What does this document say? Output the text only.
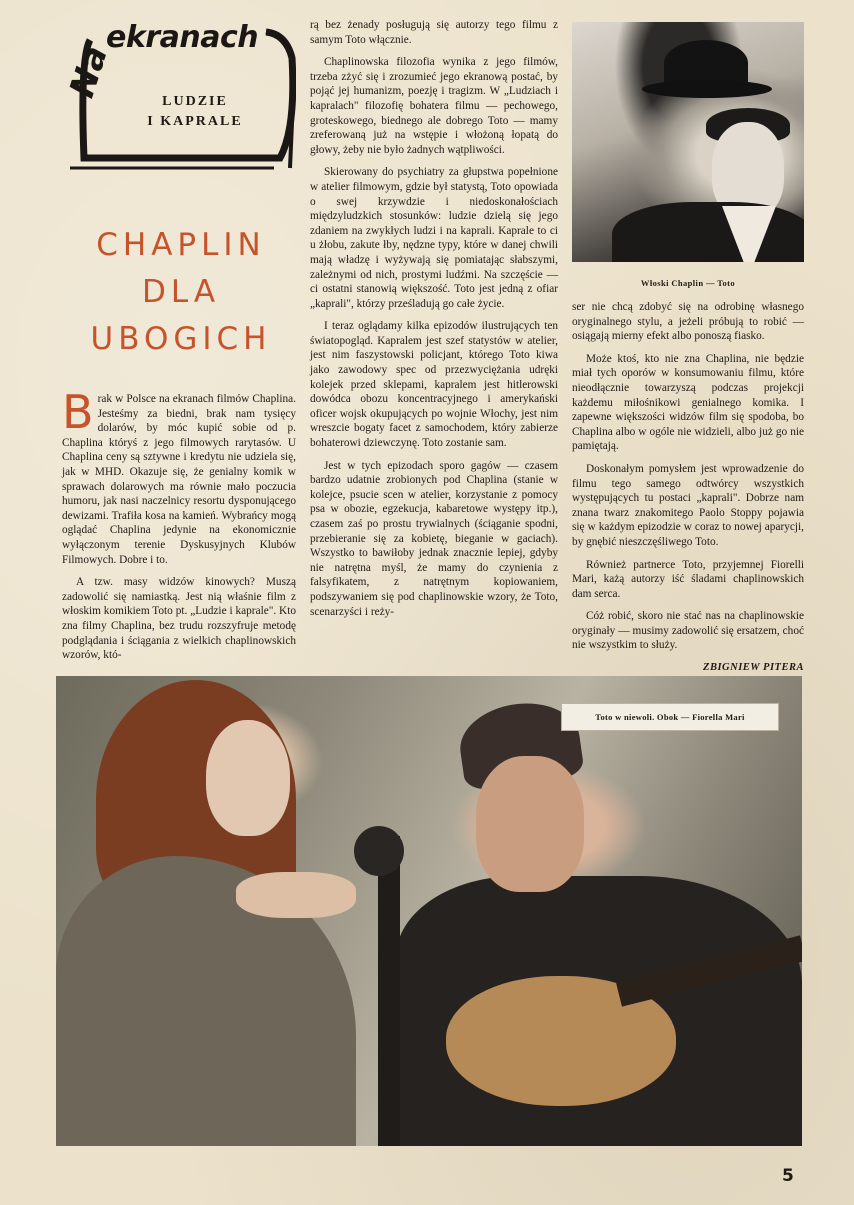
Na
ekranach
LUDZIE
I KAPRALE
CHAPLIN
DLA
UBOGICH

Brak w Polsce na ekranach filmów Chaplina. Jesteśmy za biedni, brak nam tysięcy dolarów, by móc kupić sobie od p. Chaplina któryś z jego filmowych rarytasów. U Chaplina ceny są sztywne i kredytu nie udziela się, jak w MHD. Okazuje się, że genialny komik w sprawach dolarowych ma równie mało poczucia humoru, jak nasi naczelnicy resortu dysponującego dewizami. Trafiła kosa na kamień. Wybrańcy mogą oglądać Chaplina jedynie na ekonomicznie wyłączonym terenie Dyskusyjnych Klubów Filmowych. Dobre i to.

A tzw. masy widzów kinowych? Muszą zadowolić się namiastką. Jest nią właśnie film z włoskim komikiem Toto pt. „Ludzie i kaprale". Kto zna filmy Chaplina, bez trudu rozszyfruje metodę podglądania i ściągania z wielkich chaplinowskich wzorów, któ-

rą bez żenady posługują się autorzy tego filmu z samym Toto włącznie.

Chaplinowska filozofia wynika z jego filmów, trzeba zżyć się i zrozumieć jego ekranową postać, by pojąć jej humanizm, poezję i tragizm. W „Ludziach i kapralach" filozofię bohatera filmu — pechowego, groteskowego, biednego ale dobrego Toto — mamy zreferowaną już na wstępie i włożoną łopatą do głowy, żeby nie było żadnych wątpliwości.

Skierowany do psychiatry za głupstwa popełnione w atelier filmowym, gdzie był statystą, Toto opowiada o swej krzywdzie i niedoskonałościach międzyludzkich stosunków: ludzie dzielą się jego zdaniem na zwykłych ludzi i na kaprali. Kaprale to ci u żłobu, zakute łby, nędzne typy, które w danej chwili mają władzę i wyżywają się pomiatając słabszymi, zależnymi od nich, prostymi ludźmi. Na szczęście — ci ostatni stanowią większość. Toto jest jedną z ofiar „kaprali", którzy prześladują go całe życie.

I teraz oglądamy kilka epizodów ilustrujących ten światopogląd. Kapralem jest szef statystów w atelier, jest nim faszystowski policjant, którego Toto kiwa jako zawodowy spec od przezwyciężania udręki kolejek przed sklepami, kapralem jest hitlerowski dowódca obozu koncentracyjnego i amerykański oficer wojsk okupujących po wojnie Włochy, jest nim wreszcie bogaty facet z samochodem, który zabierze bohaterowi dziewczynę. Toto zostanie sam.

Jest w tych epizodach sporo gagów — czasem bardzo udatnie zrobionych pod Chaplina (stanie w kolejce, psucie scen w atelier, korzystanie z pomocy psa w obozie, egzekucja, kabaretowe występy itp.), czasem zaś po prostu trywialnych (ściąganie spodni, przebieranie się za kobietę, bieganie w gaciach). Wszystko to bawiłoby jednak znacznie lepiej, gdyby nie natrętna myśl, że mamy do czynienia z falsyfikatem, z natrętnym kopiowaniem, podszywaniem się pod chaplinowskie wzory, że Toto, scenarzyści i reży-

Włoski Chaplin — Toto

ser nie chcą zdobyć się na odrobinę własnego oryginalnego stylu, a jeżeli próbują to robić — osiągają mierny efekt albo ponoszą fiasko.

Może ktoś, kto nie zna Chaplina, nie będzie miał tych oporów w konsumowaniu filmu, które nieodłącznie towarzyszą podczas projekcji każdemu miłośnikowi genialnego komika. I zapewne większości widzów film się spodoba, bo Chaplina albo w ogóle nie widzieli, albo już go nie pamiętają.

Doskonałym pomysłem jest wprowadzenie do filmu tego samego odtwórcy wszystkich występujących tu postaci „kaprali". Dobrze nam znana twarz znakomitego Paolo Stoppy pojawia się w każdym epizodzie w coraz to nowej aparycji, by gnębić nieszczęśliwego Toto.

Również partnerce Toto, przyjemnej Fiorelli Mari, każą autorzy iść śladami chaplinowskich dam serca.

Cóż robić, skoro nie stać nas na chaplinowskie oryginały — musimy zadowolić się ersatzem, choć nie wszystkim to służy.

ZBIGNIEW PITERA
Toto w niewoli. Obok — Fiorella Mari
5
